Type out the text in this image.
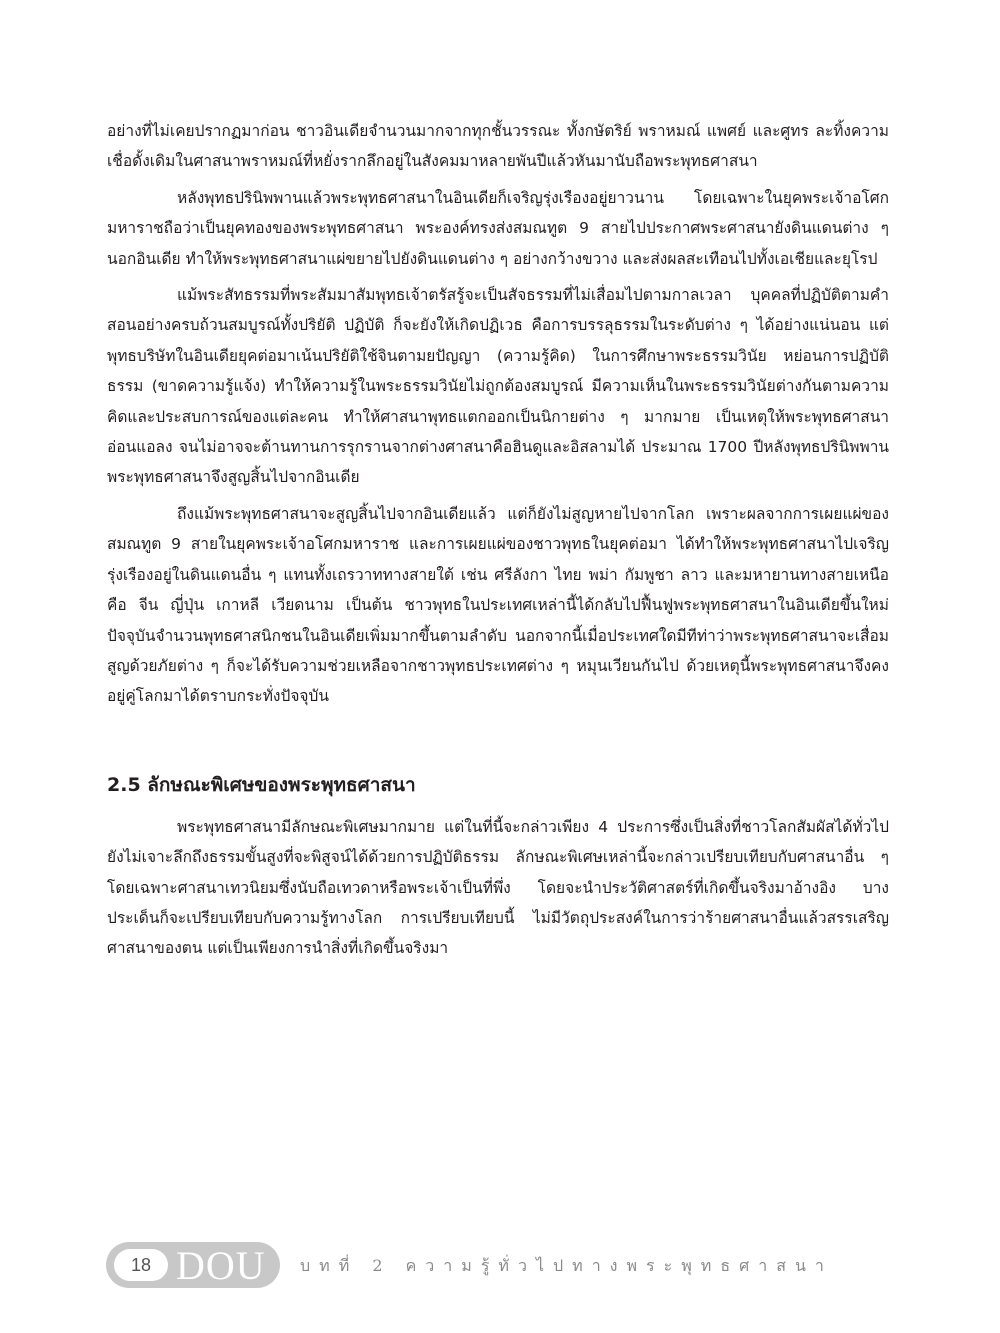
อย่างที่ไม่เคยปรากฏมาก่อน ชาวอินเดียจำนวนมากจากทุกชั้นวรรณะ ทั้งกษัตริย์ พราหมณ์ แพศย์ และศูทร ละทิ้งความเชื่อดั้งเดิมในศาสนาพราหมณ์ที่หยั่งรากลึกอยู่ในสังคมมาหลายพันปีแล้วหันมานับถือพระพุทธศาสนา

หลังพุทธปรินิพพานแล้วพระพุทธศาสนาในอินเดียก็เจริญรุ่งเรืองอยู่ยาวนาน โดยเฉพาะในยุคพระเจ้าอโศกมหาราชถือว่าเป็นยุคทองของพระพุทธศาสนา พระองค์ทรงส่งสมณทูต 9 สายไปประกาศพระศาสนายังดินแดนต่าง ๆ นอกอินเดีย ทำให้พระพุทธศาสนาแผ่ขยายไปยังดินแดนต่าง ๆ อย่างกว้างขวาง และส่งผลสะเทือนไปทั้งเอเชียและยุโรป

แม้พระสัทธรรมที่พระสัมมาสัมพุทธเจ้าตรัสรู้จะเป็นสัจธรรมที่ไม่เสื่อมไปตามกาลเวลา บุคคลที่ปฏิบัติตามคำสอนอย่างครบถ้วนสมบูรณ์ทั้งปริยัติ ปฏิบัติ ก็จะยังให้เกิดปฏิเวธ คือการบรรลุธรรมในระดับต่าง ๆ ได้อย่างแน่นอน แต่พุทธบริษัทในอินเดียยุคต่อมาเน้นปริยัติใช้จินตามยปัญญา (ความรู้คิด) ในการศึกษาพระธรรมวินัย หย่อนการปฏิบัติธรรม (ขาดความรู้แจ้ง) ทำให้ความรู้ในพระธรรมวินัยไม่ถูกต้องสมบูรณ์ มีความเห็นในพระธรรมวินัยต่างกันตามความคิดและประสบการณ์ของแต่ละคน ทำให้ศาสนาพุทธแตกออกเป็นนิกายต่าง ๆ มากมาย เป็นเหตุให้พระพุทธศาสนาอ่อนแอลง จนไม่อาจจะต้านทานการรุกรานจากต่างศาสนาคือฮินดูและอิสลามได้ ประมาณ 1700 ปีหลังพุทธปรินิพพานพระพุทธศาสนาจึงสูญสิ้นไปจากอินเดีย

ถึงแม้พระพุทธศาสนาจะสูญสิ้นไปจากอินเดียแล้ว แต่ก็ยังไม่สูญหายไปจากโลก เพราะผลจากการเผยแผ่ของสมณทูต 9 สายในยุคพระเจ้าอโศกมหาราช และการเผยแผ่ของชาวพุทธในยุคต่อมา ได้ทำให้พระพุทธศาสนาไปเจริญรุ่งเรืองอยู่ในดินแดนอื่น ๆ แทนทั้งเถรวาททางสายใต้ เช่น ศรีลังกา ไทย พม่า กัมพูชา ลาว และมหายานทางสายเหนือ คือ จีน ญี่ปุ่น เกาหลี เวียดนาม เป็นต้น ชาวพุทธในประเทศเหล่านี้ได้กลับไปฟื้นฟูพระพุทธศาสนาในอินเดียขึ้นใหม่ ปัจจุบันจำนวนพุทธศาสนิกชนในอินเดียเพิ่มมากขึ้นตามลำดับ นอกจากนี้เมื่อประเทศใดมีทีท่าว่าพระพุทธศาสนาจะเสื่อมสูญด้วยภัยต่าง ๆ ก็จะได้รับความช่วยเหลือจากชาวพุทธประเทศต่าง ๆ หมุนเวียนกันไป ด้วยเหตุนี้พระพุทธศาสนาจึงคงอยู่คู่โลกมาได้ตราบกระทั่งปัจจุบัน

2.5 ลักษณะพิเศษของพระพุทธศาสนา

พระพุทธศาสนามีลักษณะพิเศษมากมาย แต่ในที่นี้จะกล่าวเพียง 4 ประการซึ่งเป็นสิ่งที่ชาวโลกสัมผัสได้ทั่วไป ยังไม่เจาะลึกถึงธรรมขั้นสูงที่จะพิสูจน์ได้ด้วยการปฏิบัติธรรม ลักษณะพิเศษเหล่านี้จะกล่าวเปรียบเทียบกับศาสนาอื่น ๆ โดยเฉพาะศาสนาเทวนิยมซึ่งนับถือเทวดาหรือพระเจ้าเป็นที่พึ่ง โดยจะนำประวัติศาสตร์ที่เกิดขึ้นจริงมาอ้างอิง บางประเด็นก็จะเปรียบเทียบกับความรู้ทางโลก การเปรียบเทียบนี้ ไม่มีวัตถุประสงค์ในการว่าร้ายศาสนาอื่นแล้วสรรเสริญศาสนาของตน แต่เป็นเพียงการนำสิ่งที่เกิดขึ้นจริงมา

18 DOU บทที่ 2 ความรู้ทั่วไปทางพระพุทธศาสนา
